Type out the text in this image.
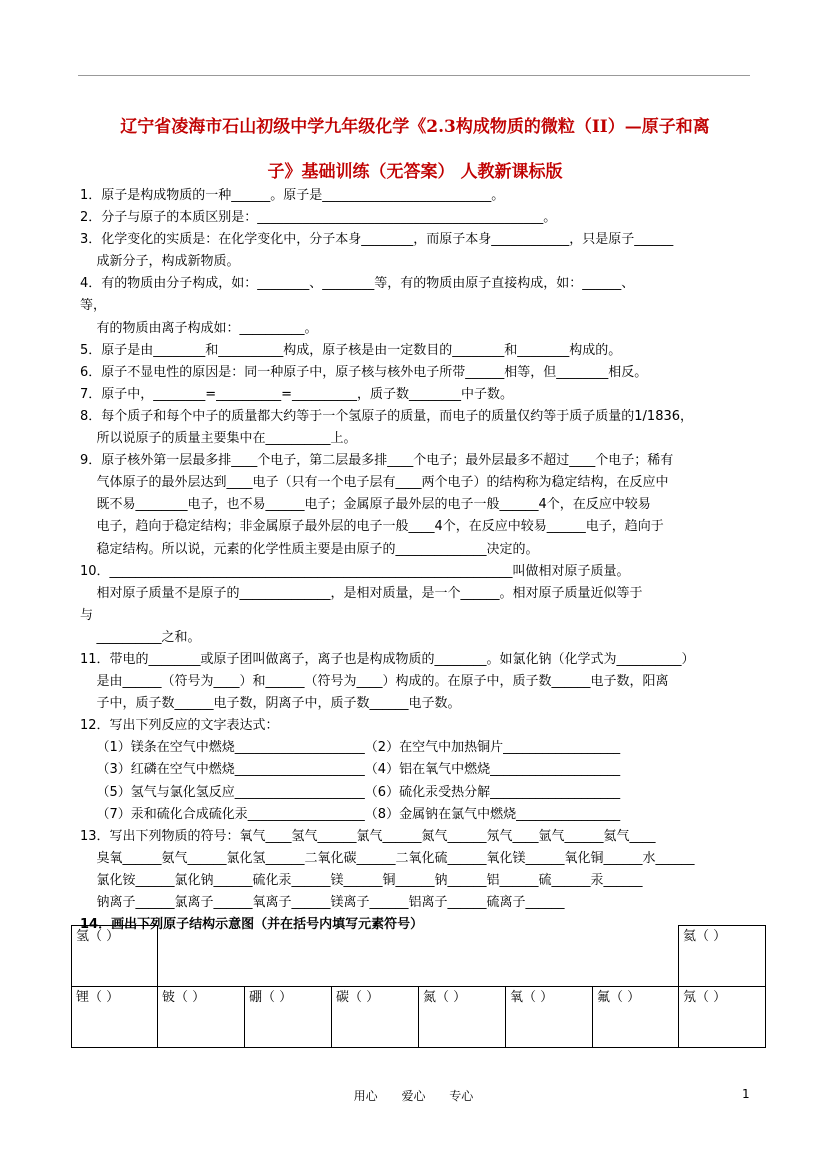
辽宁省凌海市石山初级中学九年级化学《2.3构成物质的微粒（II）—原子和离
子》基础训练（无答案） 人教新课标版
1．原子是构成物质的一种______。原子是__________________________。
2．分子与原子的本质区别是：____________________________________________。
3．化学变化的实质是：在化学变化中，分子本身________，而原子本身____________，只是原子______
成新分子，构成新物质。
4．有的物质由分子构成，如：________、________等，有的物质由原子直接构成，如：______、
等，
有的物质由离子构成如：__________。
5．原子是由________和__________构成，原子核是由一定数目的________和________构成的。
6．原子不显电性的原因是：同一种原子中，原子核与核外电子所带______相等，但________相反。
7．原子中，________=__________=__________，质子数________中子数。
8．每个质子和每个中子的质量都大约等于一个氢原子的质量，而电子的质量仅约等于质子质量的1/1836，
所以说原子的质量主要集中在__________上。
9．原子核外第一层最多排____个电子，第二层最多排____个电子；最外层最多不超过____个电子；稀有
气体原子的最外层达到____电子（只有一个电子层有____两个电子）的结构称为稳定结构，在反应中
既不易________电子，也不易______电子；金属原子最外层的电子一般______4个，在反应中较易
电子，趋向于稳定结构；非金属原子最外层的电子一般____4个，在反应中较易______电子，趋向于
稳定结构。所以说，元素的化学性质主要是由原子的______________决定的。
10．______________________________________________________________叫做相对原子质量。
相对原子质量不是原子的______________，是相对质量，是一个______。相对原子质量近似等于
与
__________之和。
11．带电的________或原子团叫做离子，离子也是构成物质的________。如氯化钠（化学式为__________）
是由______（符号为____）和______（符号为____）构成的。在原子中，质子数______电子数，阳离
子中，质子数______电子数，阴离子中，质子数______电子数。
12．写出下列反应的文字表达式：
（1）镁条在空气中燃烧____________________（2）在空气中加热铜片__________________
（3）红磷在空气中燃烧____________________（4）铝在氧气中燃烧____________________
（5）氢气与氯化氢反应____________________（6）硫化汞受热分解____________________
（7）汞和硫化合成硫化汞__________________（8）金属钠在氯气中燃烧________________
13．写出下列物质的符号：氧气____氢气______氯气______氮气______氖气____氩气______氦气____
臭氧______氨气______氯化氢______二氧化碳______二氧化硫______氧化镁______氧化铜______水______
氯化铵______氯化钠______硫化汞______镁______铜______钠______铝______硫______汞______
钠离子______氯离子______氧离子______镁离子______铝离子______硫离子______
14．画出下列原子结构示意图（并在括号内填写元素符号）
氢（ ）							氦（ ）

锂（ ）	铍（ ）	硼（ ）	碳（ ）	氮（ ）	氧（ ）	氟（ ）	氖（ ）
用心 爱心 专心	1
